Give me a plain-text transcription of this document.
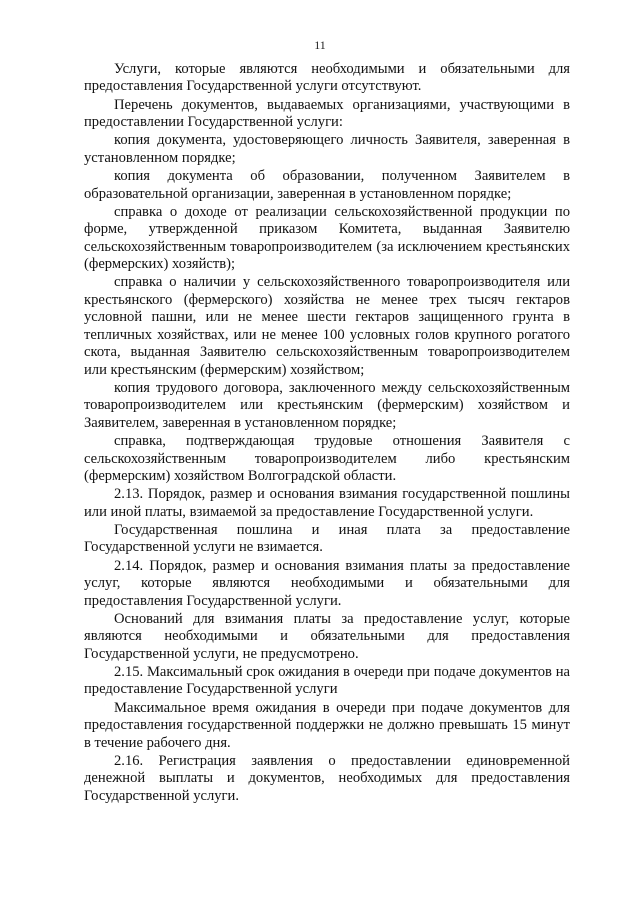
11

Услуги, которые являются необходимыми и обязательными для предоставления Государственной услуги отсутствуют.

Перечень документов, выдаваемых организациями, участвующими в предоставлении Государственной услуги:

копия документа, удостоверяющего личность Заявителя, заверенная в установленном порядке;

копия документа об образовании, полученном Заявителем в образовательной организации, заверенная в установленном порядке;

справка о доходе от реализации сельскохозяйственной продукции по форме, утвержденной приказом Комитета, выданная Заявителю сельскохозяйственным товаропроизводителем (за исключением крестьянских (фермерских) хозяйств);

справка о наличии у сельскохозяйственного товаропроизводителя или крестьянского (фермерского) хозяйства не менее трех тысяч гектаров условной пашни, или не менее шести гектаров защищенного грунта в тепличных хозяйствах, или не менее 100 условных голов крупного рогатого скота, выданная Заявителю сельскохозяйственным товаропроизводителем или крестьянским (фермерским) хозяйством;

копия трудового договора, заключенного между сельскохозяйственным товаропроизводителем или крестьянским (фермерским) хозяйством и Заявителем, заверенная в установленном порядке;

справка, подтверждающая трудовые отношения Заявителя с сельскохозяйственным товаропроизводителем либо крестьянским (фермерским) хозяйством Волгоградской области.

2.13. Порядок, размер и основания взимания государственной пошлины или иной платы, взимаемой за предоставление Государственной услуги.

Государственная пошлина и иная плата за предоставление Государственной услуги не взимается.

2.14. Порядок, размер и основания взимания платы за предоставление услуг, которые являются необходимыми и обязательными для предоставления Государственной услуги.

Оснований для взимания платы за предоставление услуг, которые являются необходимыми и обязательными для предоставления Государственной услуги, не предусмотрено.

2.15. Максимальный срок ожидания в очереди при подаче документов на предоставление Государственной услуги

Максимальное время ожидания в очереди при подаче документов для предоставления государственной поддержки не должно превышать 15 минут в течение рабочего дня.

2.16. Регистрация заявления о предоставлении единовременной денежной выплаты и документов, необходимых для предоставления Государственной услуги.
